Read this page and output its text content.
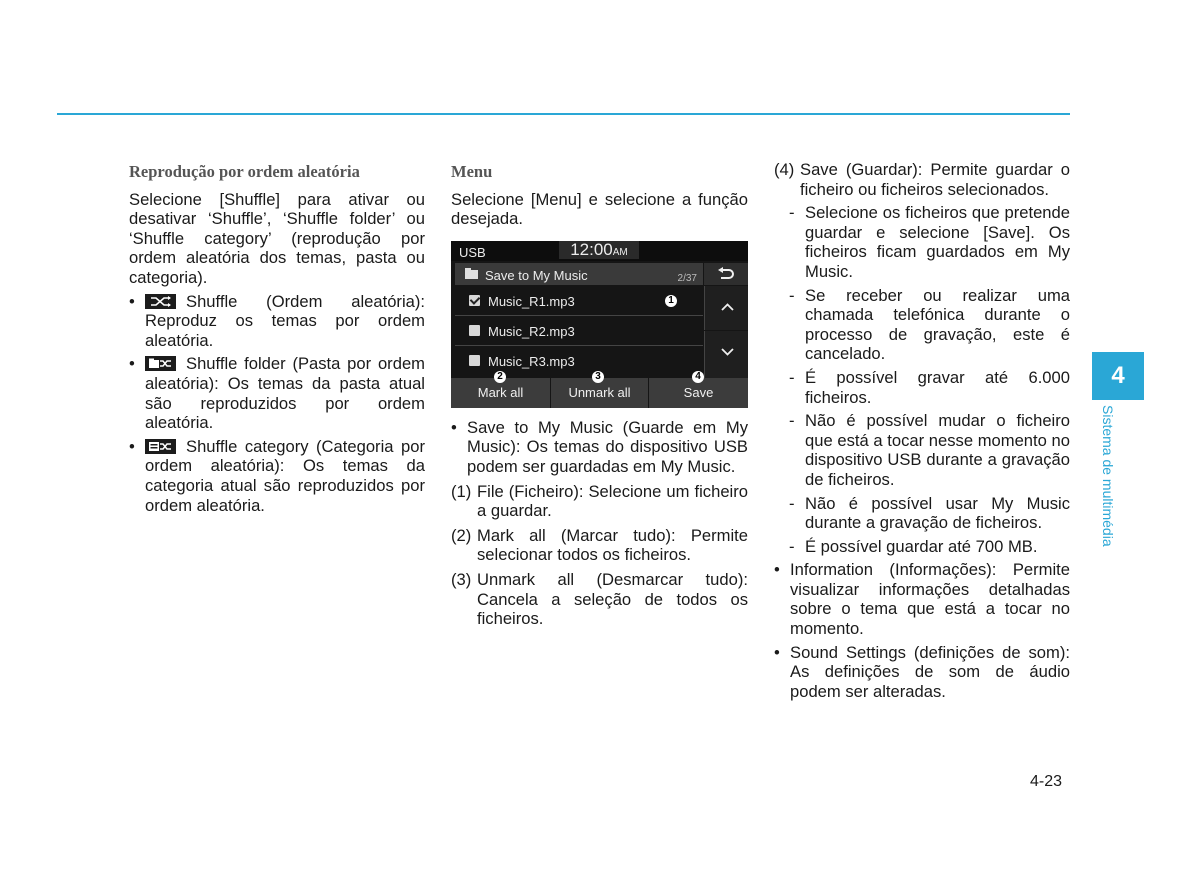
Reprodução por ordem aleatória
Selecione [Shuffle] para ativar ou desativar ‘Shuffle’, ‘Shuffle folder’ ou ‘Shuffle category’ (reprodução por ordem aleatória dos temas, pasta ou categoria).
•	Shuffle (Ordem aleatória): Reproduz os temas por ordem aleatória.
•	Shuffle folder (Pasta por ordem aleatória): Os temas da pasta atual são reproduzidos por ordem aleatória.
•	Shuffle category (Categoria por ordem aleatória): Os temas da categoria atual são reproduzidos por ordem aleatória.
Menu
Selecione [Menu] e selecione a função desejada.
USB	12:00AM
Save to My Music	2/37
Music_R1.mp3	1
Music_R2.mp3
Music_R3.mp3
Mark all	Unmark all	Save
2	3	4
• Save to My Music (Guarde em My Music): Os temas do dispositivo USB podem ser guardadas em My Music.
(1) File (Ficheiro): Selecione um ficheiro a guardar.
(2) Mark all (Marcar tudo): Permite selecionar todos os ficheiros.
(3) Unmark all (Desmarcar tudo): Cancela a seleção de todos os ficheiros.
(4) Save (Guardar): Permite guardar o ficheiro ou ficheiros selecionados.
- Selecione os ficheiros que pretende guardar e selecione [Save]. Os ficheiros ficam guardados em My Music.
- Se receber ou realizar uma chamada telefónica durante o processo de gravação, este é cancelado.
- É possível gravar até 6.000 ficheiros.
- Não é possível mudar o ficheiro que está a tocar nesse momento no dispositivo USB durante a gravação de ficheiros.
- Não é possível usar My Music durante a gravação de ficheiros.
- É possível guardar até 700 MB.
• Information (Informações): Permite visualizar informações detalhadas sobre o tema que está a tocar no momento.
• Sound Settings (definições de som): As definições de som de áudio podem ser alteradas.
4
Sistema de multimédia
4-23
